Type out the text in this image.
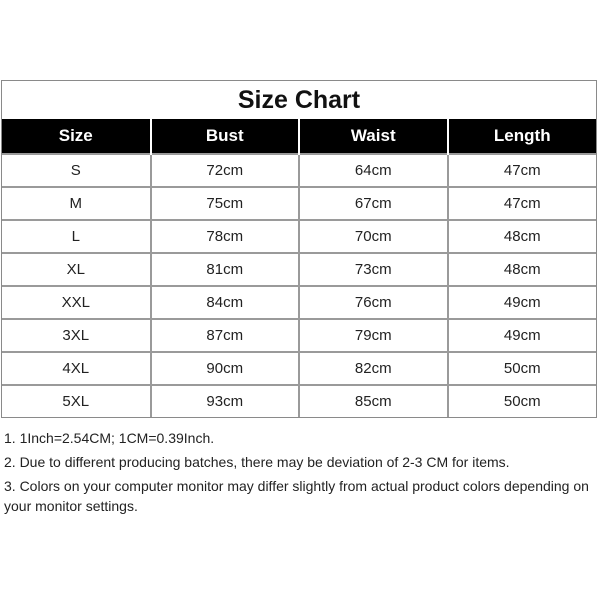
Size Chart
Size	Bust	Waist	Length
S	72cm	64cm	47cm
M	75cm	67cm	47cm
L	78cm	70cm	48cm
XL	81cm	73cm	48cm
XXL	84cm	76cm	49cm
3XL	87cm	79cm	49cm
4XL	90cm	82cm	50cm
5XL	93cm	85cm	50cm

1. 1Inch=2.54CM; 1CM=0.39Inch.

2. Due to different producing batches, there may be deviation of 2-3 CM for items.

3. Colors on your computer monitor may differ slightly from actual product colors depending on your monitor settings.
